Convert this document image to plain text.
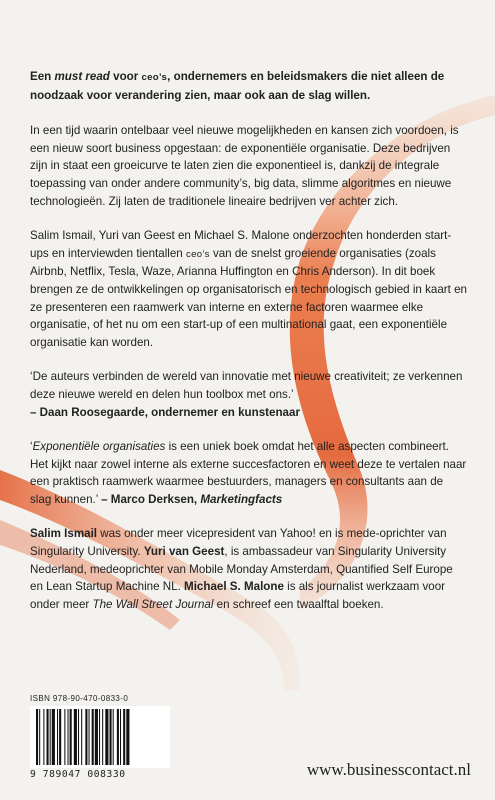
Een must read voor ceo’s, ondernemers en beleidsmakers die niet alleen de noodzaak voor verandering zien, maar ook aan de slag willen.

In een tijd waarin ontelbaar veel nieuwe mogelijkheden en kansen zich voordoen, is een nieuw soort business opgestaan: de exponentiële organisatie. Deze bedrijven zijn in staat een groeicurve te laten zien die exponentieel is, dankzij de integrale toepassing van onder andere community’s, big data, slimme algoritmes en nieuwe technologieën. Zij laten de traditionele lineaire bedrijven ver achter zich.

Salim Ismail, Yuri van Geest en Michael S. Malone onderzochten honderden start-ups en interviewden tientallen ceo’s van de snelst groeiende organisaties (zoals Airbnb, Netflix, Tesla, Waze, Arianna Huffington en Chris Anderson). In dit boek brengen ze de ontwikkelingen op organisatorisch en technologisch gebied in kaart en ze presenteren een raamwerk van interne en externe factoren waarmee elke organisatie, of het nu om een start-up of een multinational gaat, een exponentiële organisatie kan worden.

‘De auteurs verbinden de wereld van innovatie met nieuwe creativiteit; ze verkennen deze nieuwe wereld en delen hun toolbox met ons.’
– Daan Roosegaarde, ondernemer en kunstenaar

‘Exponentiële organisaties is een uniek boek omdat het alle aspecten combineert. Het kijkt naar zowel interne als externe succesfactoren en weet deze te vertalen naar een praktisch raamwerk waarmee bestuurders, managers en consultants aan de slag kunnen.’ – Marco Derksen, Marketingfacts

Salim Ismail was onder meer vicepresident van Yahoo! en is mede-oprichter van Singularity University. Yuri van Geest, is ambassadeur van Singularity University Nederland, medeoprichter van Mobile Monday Amsterdam, Quantified Self Europe en Lean Startup Machine NL. Michael S. Malone is als journalist werkzaam voor onder meer The Wall Street Journal en schreef een twaalftal boeken.

ISBN 978-90-470-0833-0
9 789047 008330	www.businesscontact.nl
